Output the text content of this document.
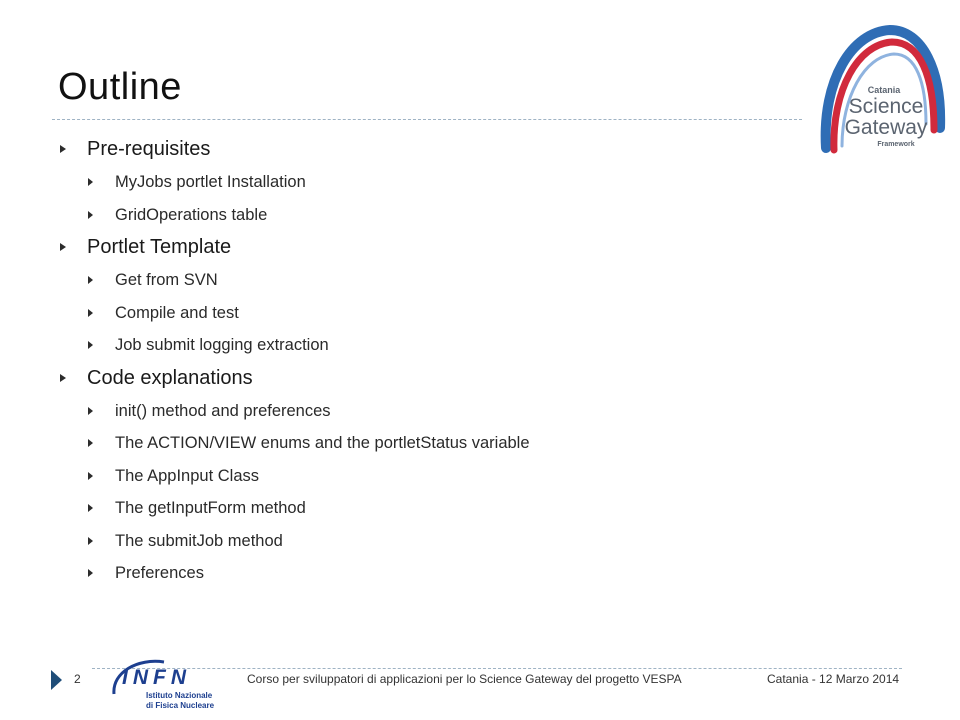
Outline	Catania
Science
Gateway
Framework
Pre-requisites
MyJobs portlet Installation
GridOperations table
Portlet Template
Get from SVN
Compile and test
Job submit logging extraction
Code explanations
init() method and preferences
The ACTION/VIEW enums and the portletStatus variable
The AppInput Class
The getInputForm method
The submitJob method
Preferences
2 INFN
Istituto Nazionale
di Fisica Nucleare
Corso per sviluppatori di applicazioni per lo Science Gateway del progetto VESPA	Catania - 12 Marzo 2014
